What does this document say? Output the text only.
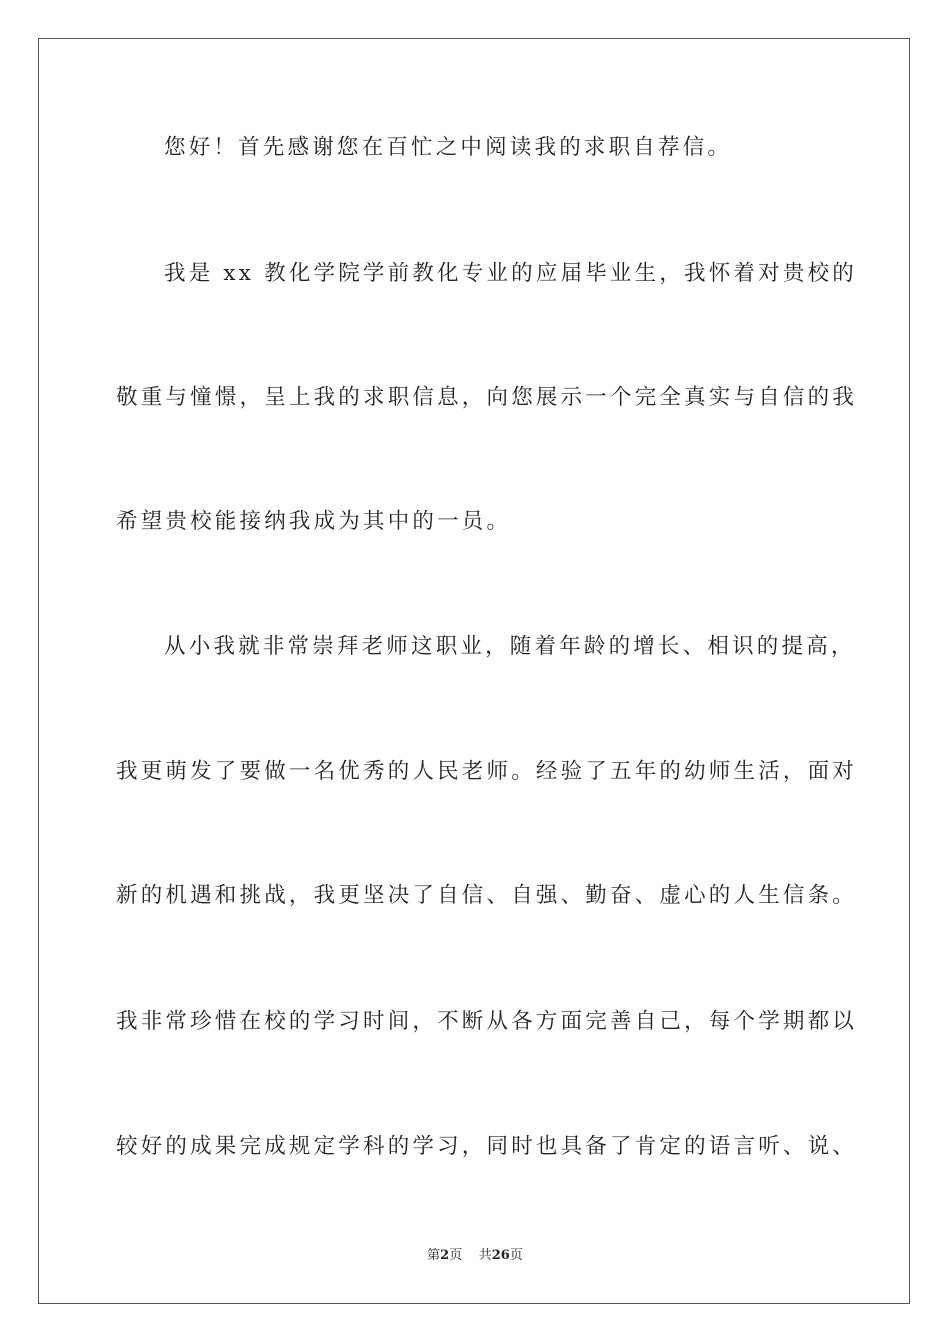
您好！首先感谢您在百忙之中阅读我的求职自荐信。
我是 xx 教化学院学前教化专业的应届毕业生，我怀着对贵校的
敬重与憧憬，呈上我的求职信息，向您展示一个完全真实与自信的我
希望贵校能接纳我成为其中的一员。
从小我就非常崇拜老师这职业，随着年龄的增长、相识的提高，
我更萌发了要做一名优秀的人民老师。经验了五年的幼师生活，面对
新的机遇和挑战，我更坚决了自信、自强、勤奋、虚心的人生信条。
我非常珍惜在校的学习时间，不断从各方面完善自己，每个学期都以
较好的成果完成规定学科的学习，同时也具备了肯定的语言听、说、
第2页 共26页
